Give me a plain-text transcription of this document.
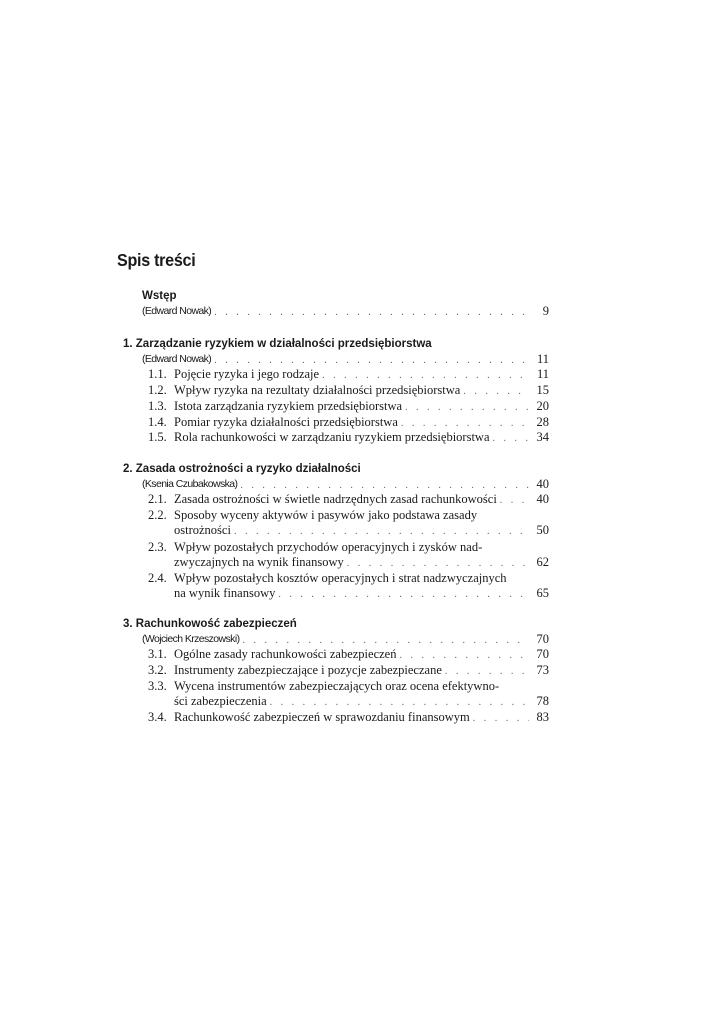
Spis treści
Wstęp
(Edward Nowak) . . .	9
1. Zarządzanie ryzykiem w działalności przedsiębiorstwa
(Edward Nowak) . . .	11
1.1. Pojęcie ryzyka i jego rodzaje . . .	11
1.2. Wpływ ryzyka na rezultaty działalności przedsiębiorstwa . . .	15
1.3. Istota zarządzania ryzykiem przedsiębiorstwa . . .	20
1.4. Pomiar ryzyka działalności przedsiębiorstwa . . .	28
1.5. Rola rachunkowości w zarządzaniu ryzykiem przedsiębiorstwa . . .	34
2. Zasada ostrożności a ryzyko działalności
(Ksenia Czubakowska) . . .	40
2.1. Zasada ostrożności w świetle nadrzędnych zasad rachunkowości . . .	40
2.2. Sposoby wyceny aktywów i pasywów jako podstawa zasady
ostrożności . . .	50
2.3. Wpływ pozostałych przychodów operacyjnych i zysków nad-
zwyczajnych na wynik finansowy . . .	62
2.4. Wpływ pozostałych kosztów operacyjnych i strat nadzwyczajnych
na wynik finansowy . . .	65
3. Rachunkowość zabezpieczeń
(Wojciech Krzeszowski) . . .	70
3.1. Ogólne zasady rachunkowości zabezpieczeń . . .	70
3.2. Instrumenty zabezpieczające i pozycje zabezpieczane . . .	73
3.3. Wycena instrumentów zabezpieczających oraz ocena efektywno-
ści zabezpieczenia . . .	78
3.4. Rachunkowość zabezpieczeń w sprawozdaniu finansowym . . .	83
